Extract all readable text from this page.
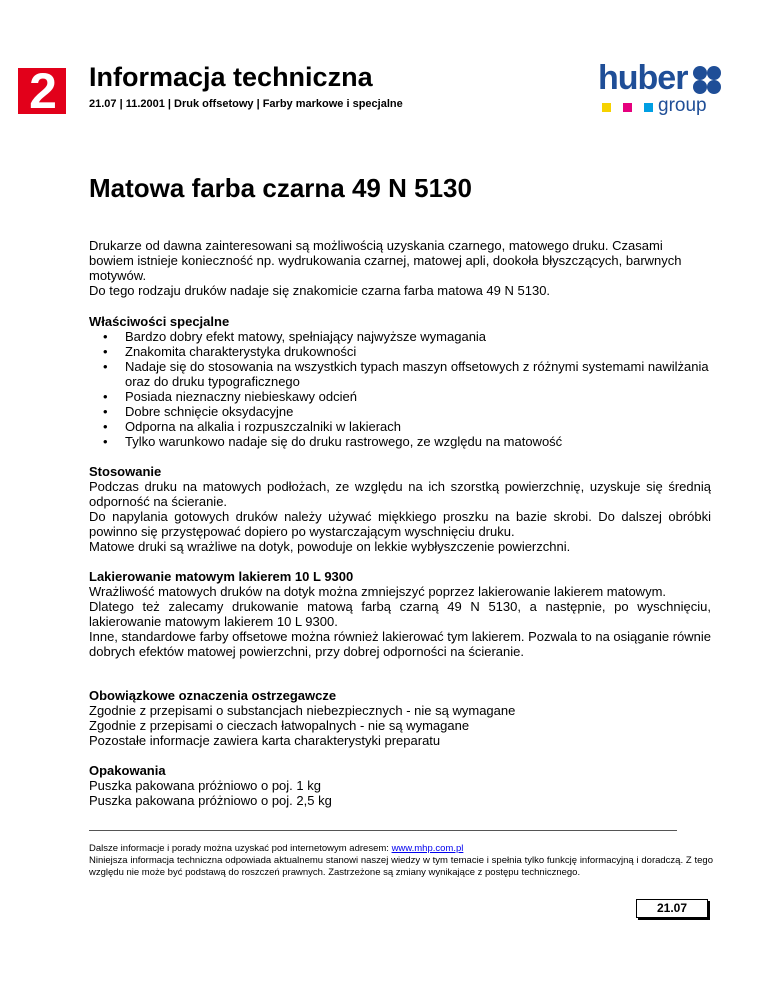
2	Informacja techniczna
21.07 | 11.2001 | Druk offsetowy | Farby markowe i specjalne
huber
group
Matowa farba czarna 49 N 5130

Drukarze od dawna zainteresowani są możliwością uzyskania czarnego, matowego druku. Czasami bowiem istnieje konieczność np. wydrukowania czarnej, matowej apli, dookoła błyszczących, barwnych motywów.

Do tego rodzaju druków nadaje się znakomicie czarna farba matowa 49 N 5130.

Właściwości specjalne

• Bardzo dobry efekt matowy, spełniający najwyższe wymagania
• Znakomita charakterystyka drukowności
• Nadaje się do stosowania na wszystkich typach maszyn offsetowych z różnymi systemami nawilżania oraz do druku typograficznego
• Posiada nieznaczny niebieskawy odcień
• Dobre schnięcie oksydacyjne
• Odporna na alkalia i rozpuszczalniki w lakierach
• Tylko warunkowo nadaje się do druku rastrowego, ze względu na matowość

Stosowanie

Podczas druku na matowych podłożach, ze względu na ich szorstką powierzchnię, uzyskuje się średnią odporność na ścieranie.

Do napylania gotowych druków należy używać miękkiego proszku na bazie skrobi. Do dalszej obróbki powinno się przystępować dopiero po wystarczającym wyschnięciu druku.

Matowe druki są wrażliwe na dotyk, powoduje on lekkie wybłyszczenie powierzchni.

Lakierowanie matowym lakierem 10 L 9300

Wrażliwość matowych druków na dotyk można zmniejszyć poprzez lakierowanie lakierem matowym.

Dlatego też zalecamy drukowanie matową farbą czarną 49 N 5130, a następnie, po wyschnięciu, lakierowanie matowym lakierem 10 L 9300.

Inne, standardowe farby offsetowe można również lakierować tym lakierem. Pozwala to na osiąganie równie dobrych efektów matowej powierzchni, przy dobrej odporności na ścieranie.

Obowiązkowe oznaczenia ostrzegawcze

Zgodnie z przepisami o substancjach niebezpiecznych - nie są wymagane

Zgodnie z przepisami o cieczach łatwopalnych - nie są wymagane

Pozostałe informacje zawiera karta charakterystyki preparatu

Opakowania

Puszka pakowana próżniowo o poj. 1 kg

Puszka pakowana próżniowo o poj. 2,5 kg

Dalsze informacje i porady można uzyskać pod internetowym adresem: www.mhp.com.pl

Niniejsza informacja techniczna odpowiada aktualnemu stanowi naszej wiedzy w tym temacie i spełnia tylko funkcję informacyjną i doradczą. Z tego względu nie może być podstawą do roszczeń prawnych. Zastrzeżone są zmiany wynikające z postępu technicznego.

21.07
